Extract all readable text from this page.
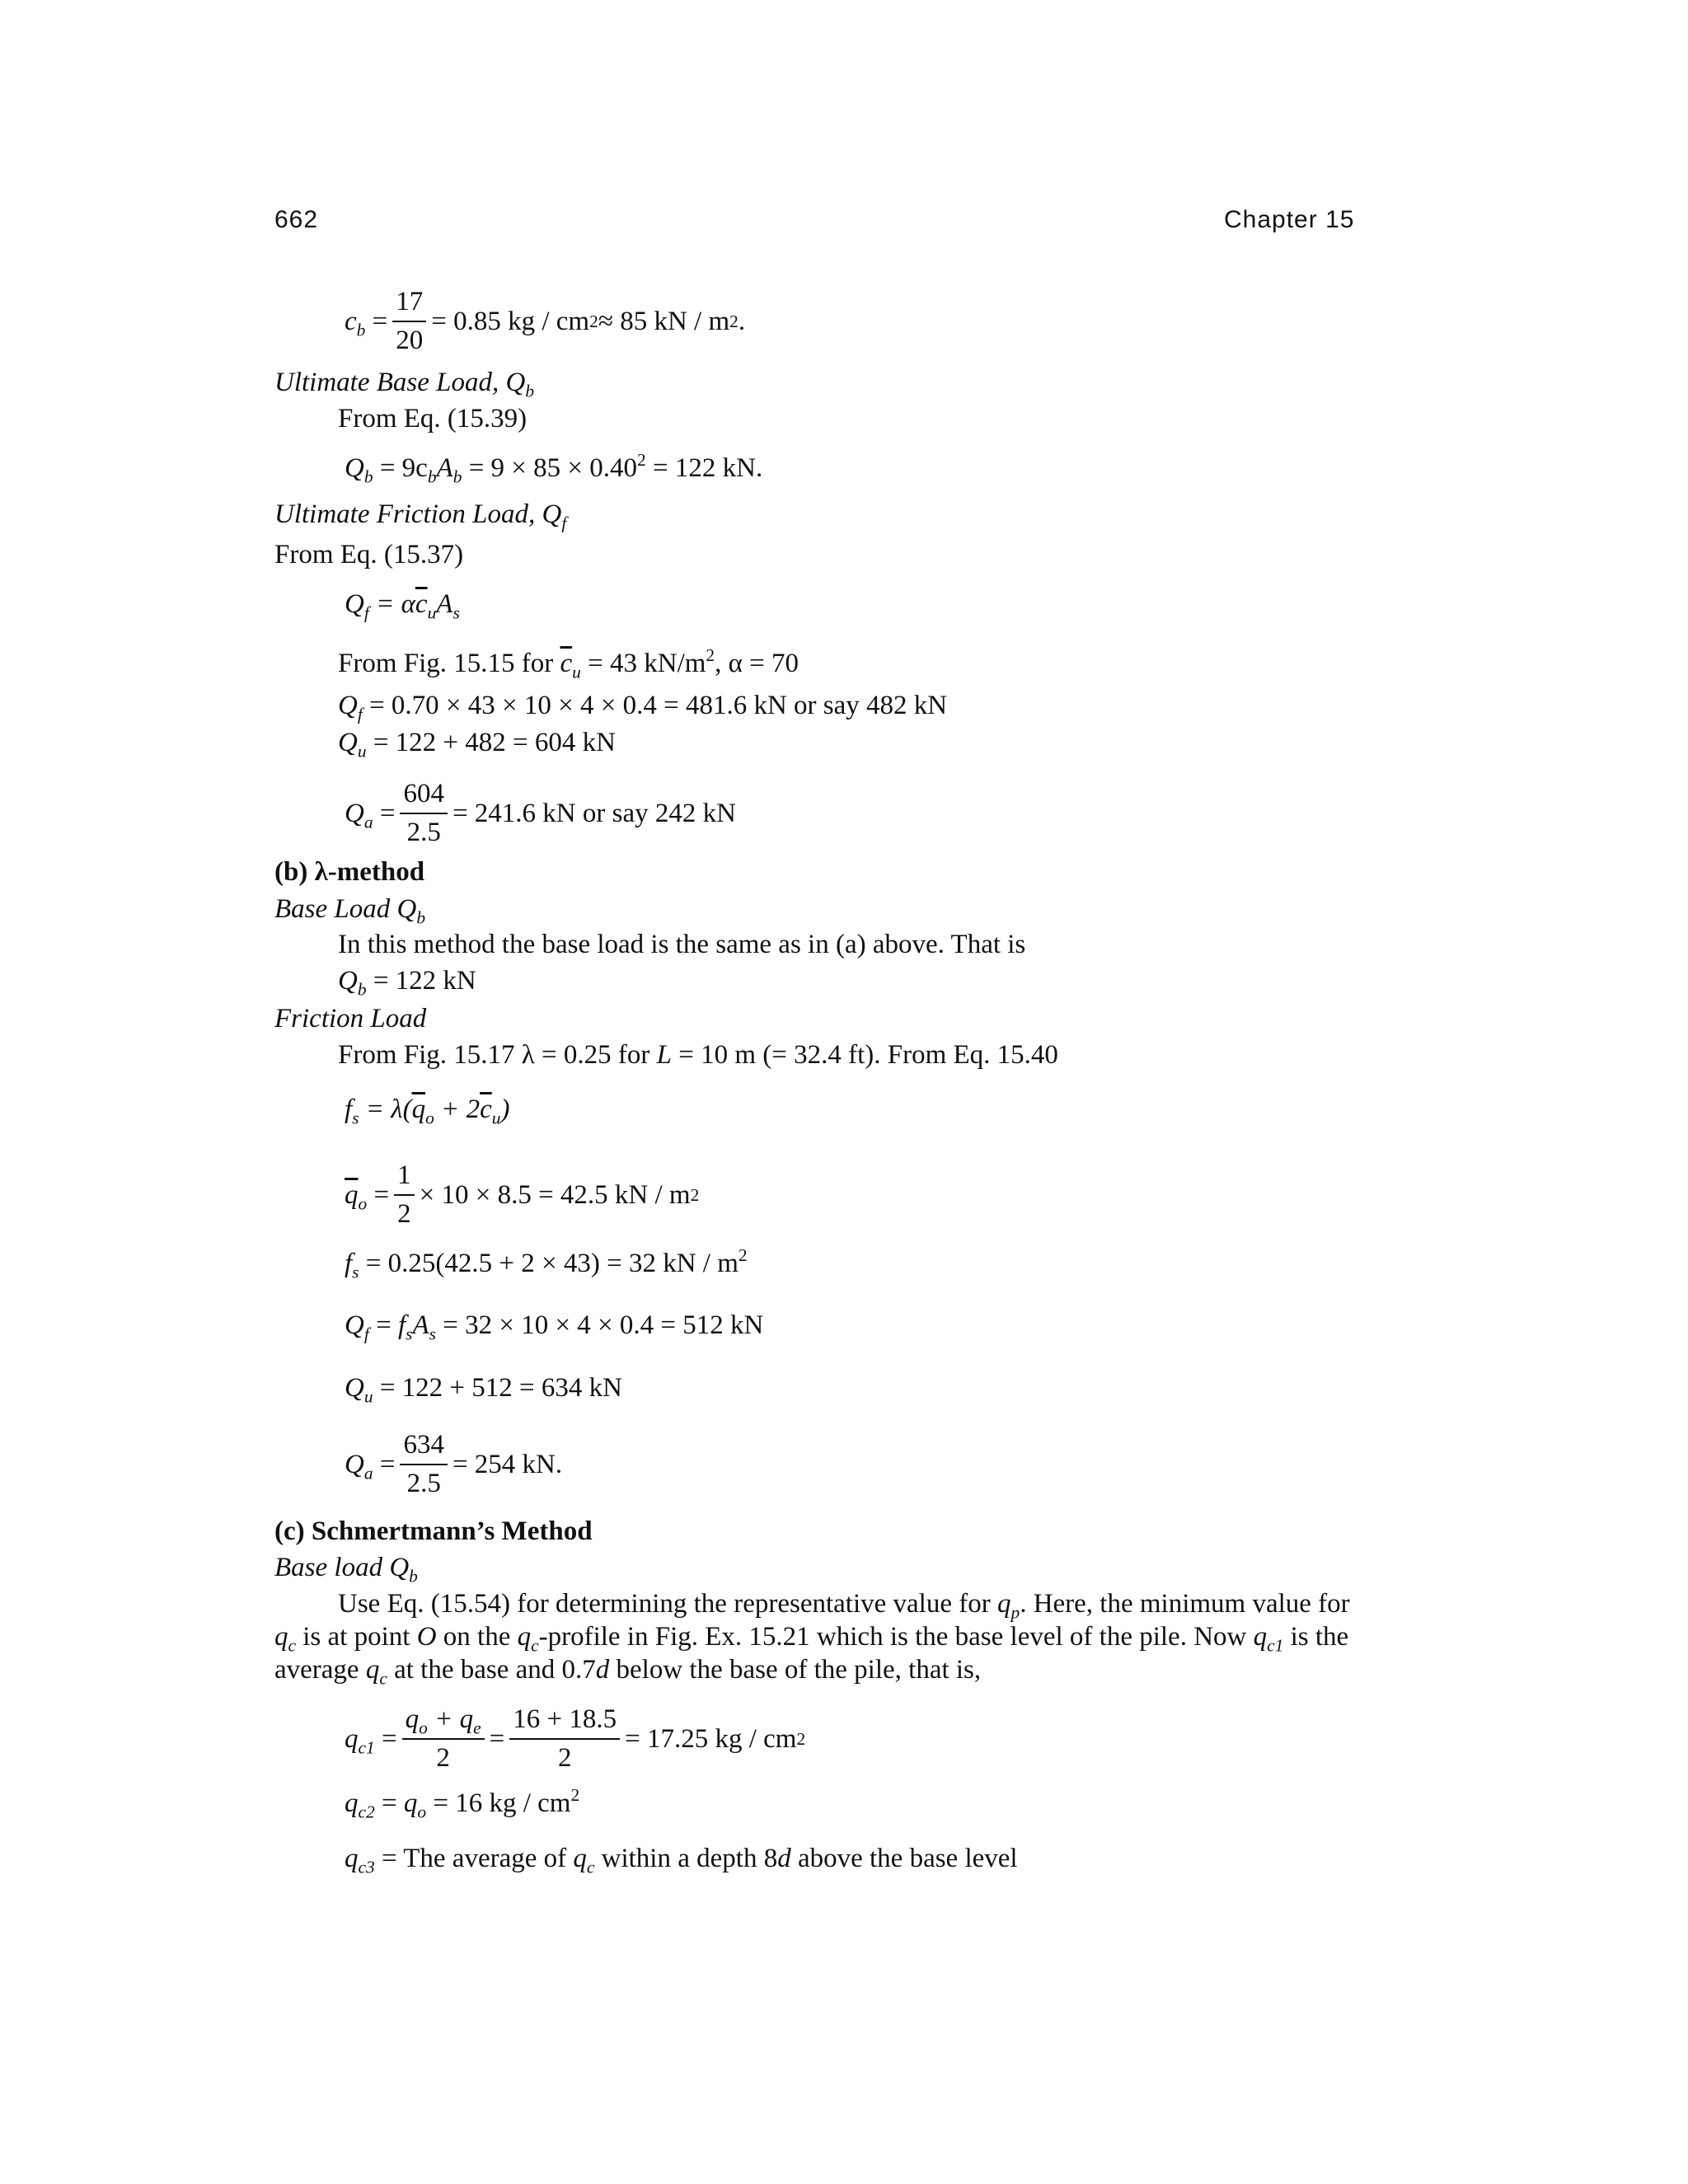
662	Chapter 15
$c_b = \frac{17}{20} = 0.85$ kg / cm 2 ≈ 85 kN / m 2 .
Ultimate Base Load, $Q_b$
From Eq. (15.39)
$Q_b = 9c_bA_b = 9 \times 85 \times 0.40^2 = 122$ kN.
Ultimate Friction Load, $Q_f$
From Eq. (15.37)
$Q_f = \alpha\overline{c}_uA_s$
From Fig. 15.15 for $\overline{c}_u = 43$ $kN/m^2$, α = 70
$Q_f = 0.70 \times 43 \times 10 \times 4 \times 0.4 = 481.6$ kN or say 482 kN
$Q_u = 122 + 482 = 604$ kN
$Q_a = \frac{604}{2.5} = 241.6$ kN or say 242 kN
(b) λ-method
Base Load $Q_b$
In this method the base load is the same as in (a) above. That is
$Q_b = 122$ kN
Friction Load
From Fig. 15.17 λ = 0.25 for L = 10 m (= 32.4 ft). From Eq. 15.40
$f_s = \lambda(\overline{q}_o + 2\overline{c}_u)$
$\overline{q}_o = \frac{1}{2} \times 10 \times 8.5 = 42.5$ kN / m 2
$f_s = 0.25(42.5 + 2 \times 43) = 32$ kN / $m^2$
$Q_f = f_sA_s = 32 \times 10 \times 4 \times 0.4 = 512$ kN
$Q_u = 122 + 512 = 634$ kN
$Q_a = \frac{634}{2.5} = 254$ kN.
(c) Schmertmann’s Method
Base load $Q_b$
Use Eq. (15.54) for determining the representative value for $q_p$. Here, the minimum value for
$q_c$ is at point O on the $q_c$-profile in Fig. Ex. 15.21 which is the base level of the pile. Now $q_{c1}$ is the
average $q_c$ at the base and 0.7d below the base of the pile, that is,
$q_{c1} = \frac{q_o + q_e}{2} = \frac{16 + 18.5}{2} = 17.25$ kg / cm 2
$q_{c2} = q_o = 16$ kg / $cm^2$
$q_{c3}$ = The average of $q_c$ within a depth 8d above the base level
